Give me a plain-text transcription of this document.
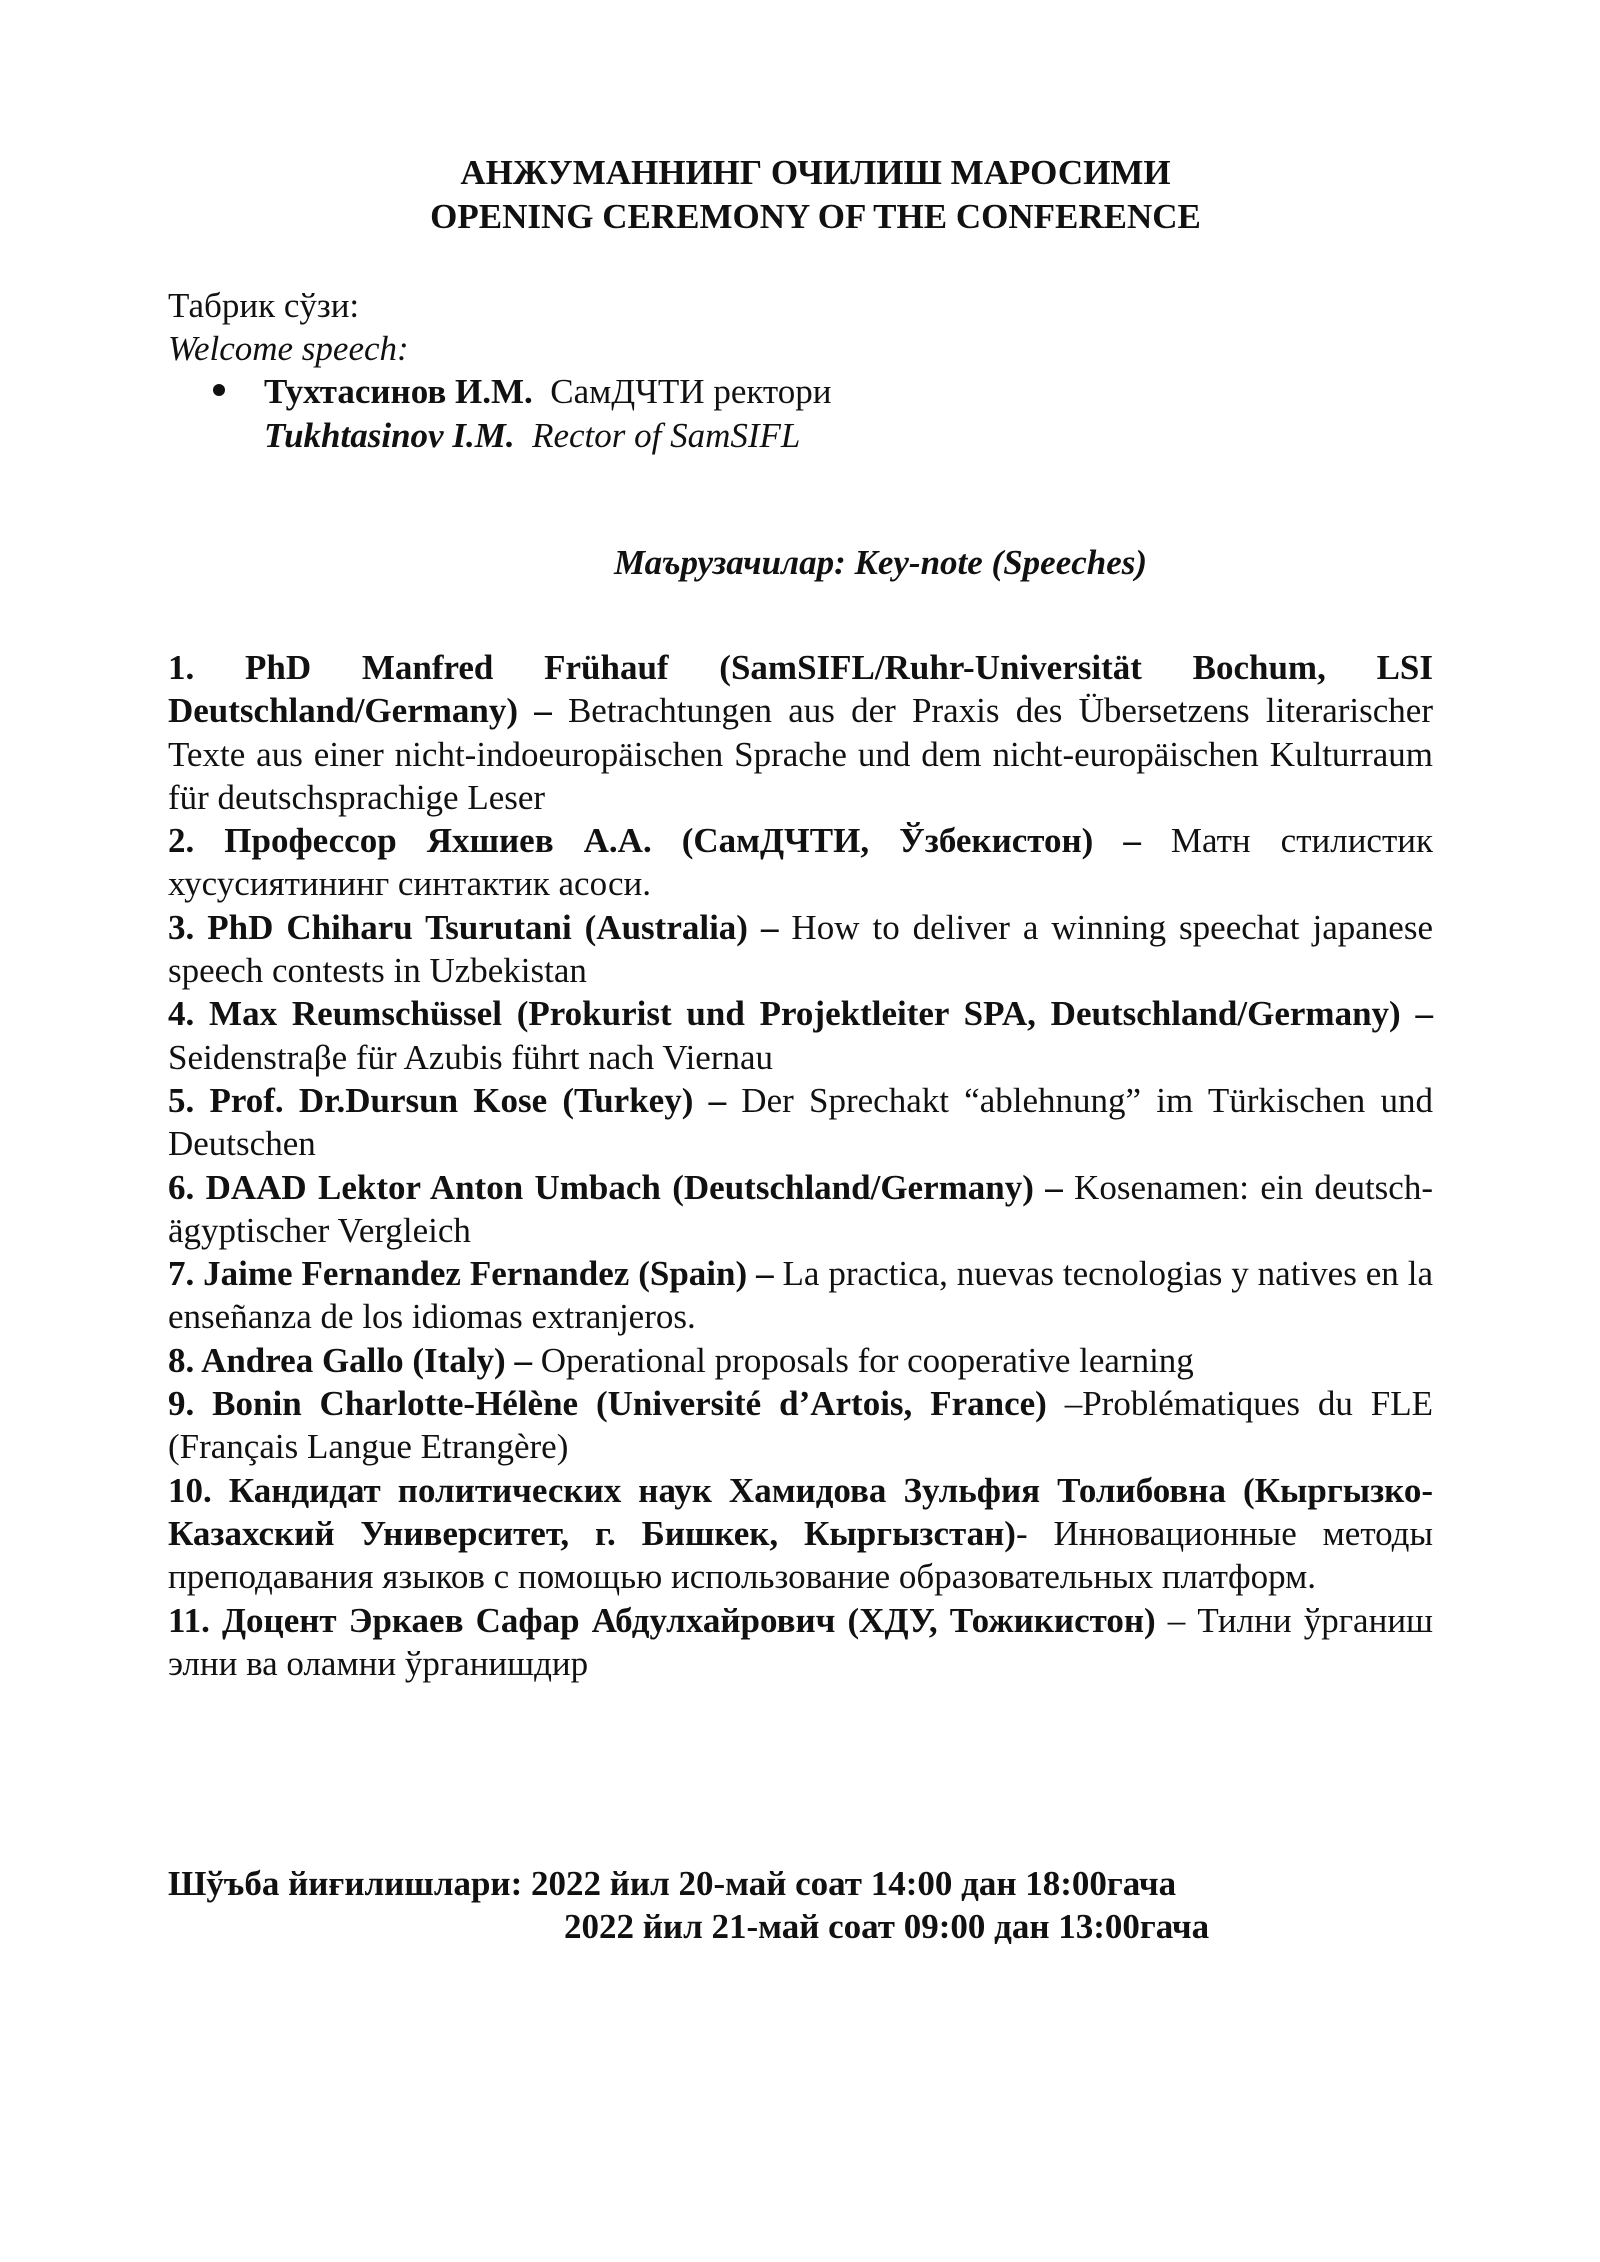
АНЖУМАННИНГ ОЧИЛИШ МАРОСИМИ
OPENING CEREMONY OF THE CONFERENCE
Табрик сўзи:
Welcome speech:
Тухтасинов И.М. СамДЧТИ ректори
Tukhtasinov I.M. Rector of SamSIFL
Маърузачилар: Key-note (Speeches)

1. PhD Manfred Frühauf (SamSIFL/Ruhr-Universität Bochum, LSI Deutschland/Germany) – Betrachtungen aus der Praxis des Übersetzens literarischer Texte aus einer nicht-indoeuropäischen Sprache und dem nicht-europäischen Kulturraum für deutschsprachige Leser

2. Профессор Яхшиев А.А. (СамДЧТИ, Ўзбекистон) – Матн стилистик хусусиятининг синтактик асоси.

3. PhD Chiharu Tsurutani (Australia) – How to deliver a winning speechat japanese speech contests in Uzbekistan

4. Max Reumschüssel (Prokurist und Projektleiter SPA, Deutschland/Germany) – Seidenstraβe für Azubis führt nach Viernau

5. Prof. Dr.Dursun Kose (Turkey) – Der Sprechakt “ablehnung” im Türkischen und Deutschen

6. DAAD Lektor Anton Umbach (Deutschland/Germany) – Kosenamen: ein deutsch-ägyptischer Vergleich

7. Jaime Fernandez Fernandez (Spain) – La practica, nuevas tecnologias y natives en la enseñanza de los idiomas extranjeros.

8. Andrea Gallo (Italy) – Operational proposals for cooperative learning

9. Bonin Charlotte-Hélène (Université d’Artois, France) –Problématiques du FLE (Français Langue Etrangère)

10. Кандидат политических наук Хамидова Зульфия Толибовна (Кыргызко-Казахский Университет, г. Бишкек, Кыргызстан)- Инновационные методы преподавания языков с помощью использование образовательных платформ.

11. Доцент Эркаев Сафар Абдулхайрович (ХДУ, Тожикистон) – Тилни ўрганиш элни ва оламни ўрганишдир

Шўъба йиғилишлари: 2022 йил 20-май соат 14:00 дан 18:00гача
2022 йил 21-май соат 09:00 дан 13:00гача
